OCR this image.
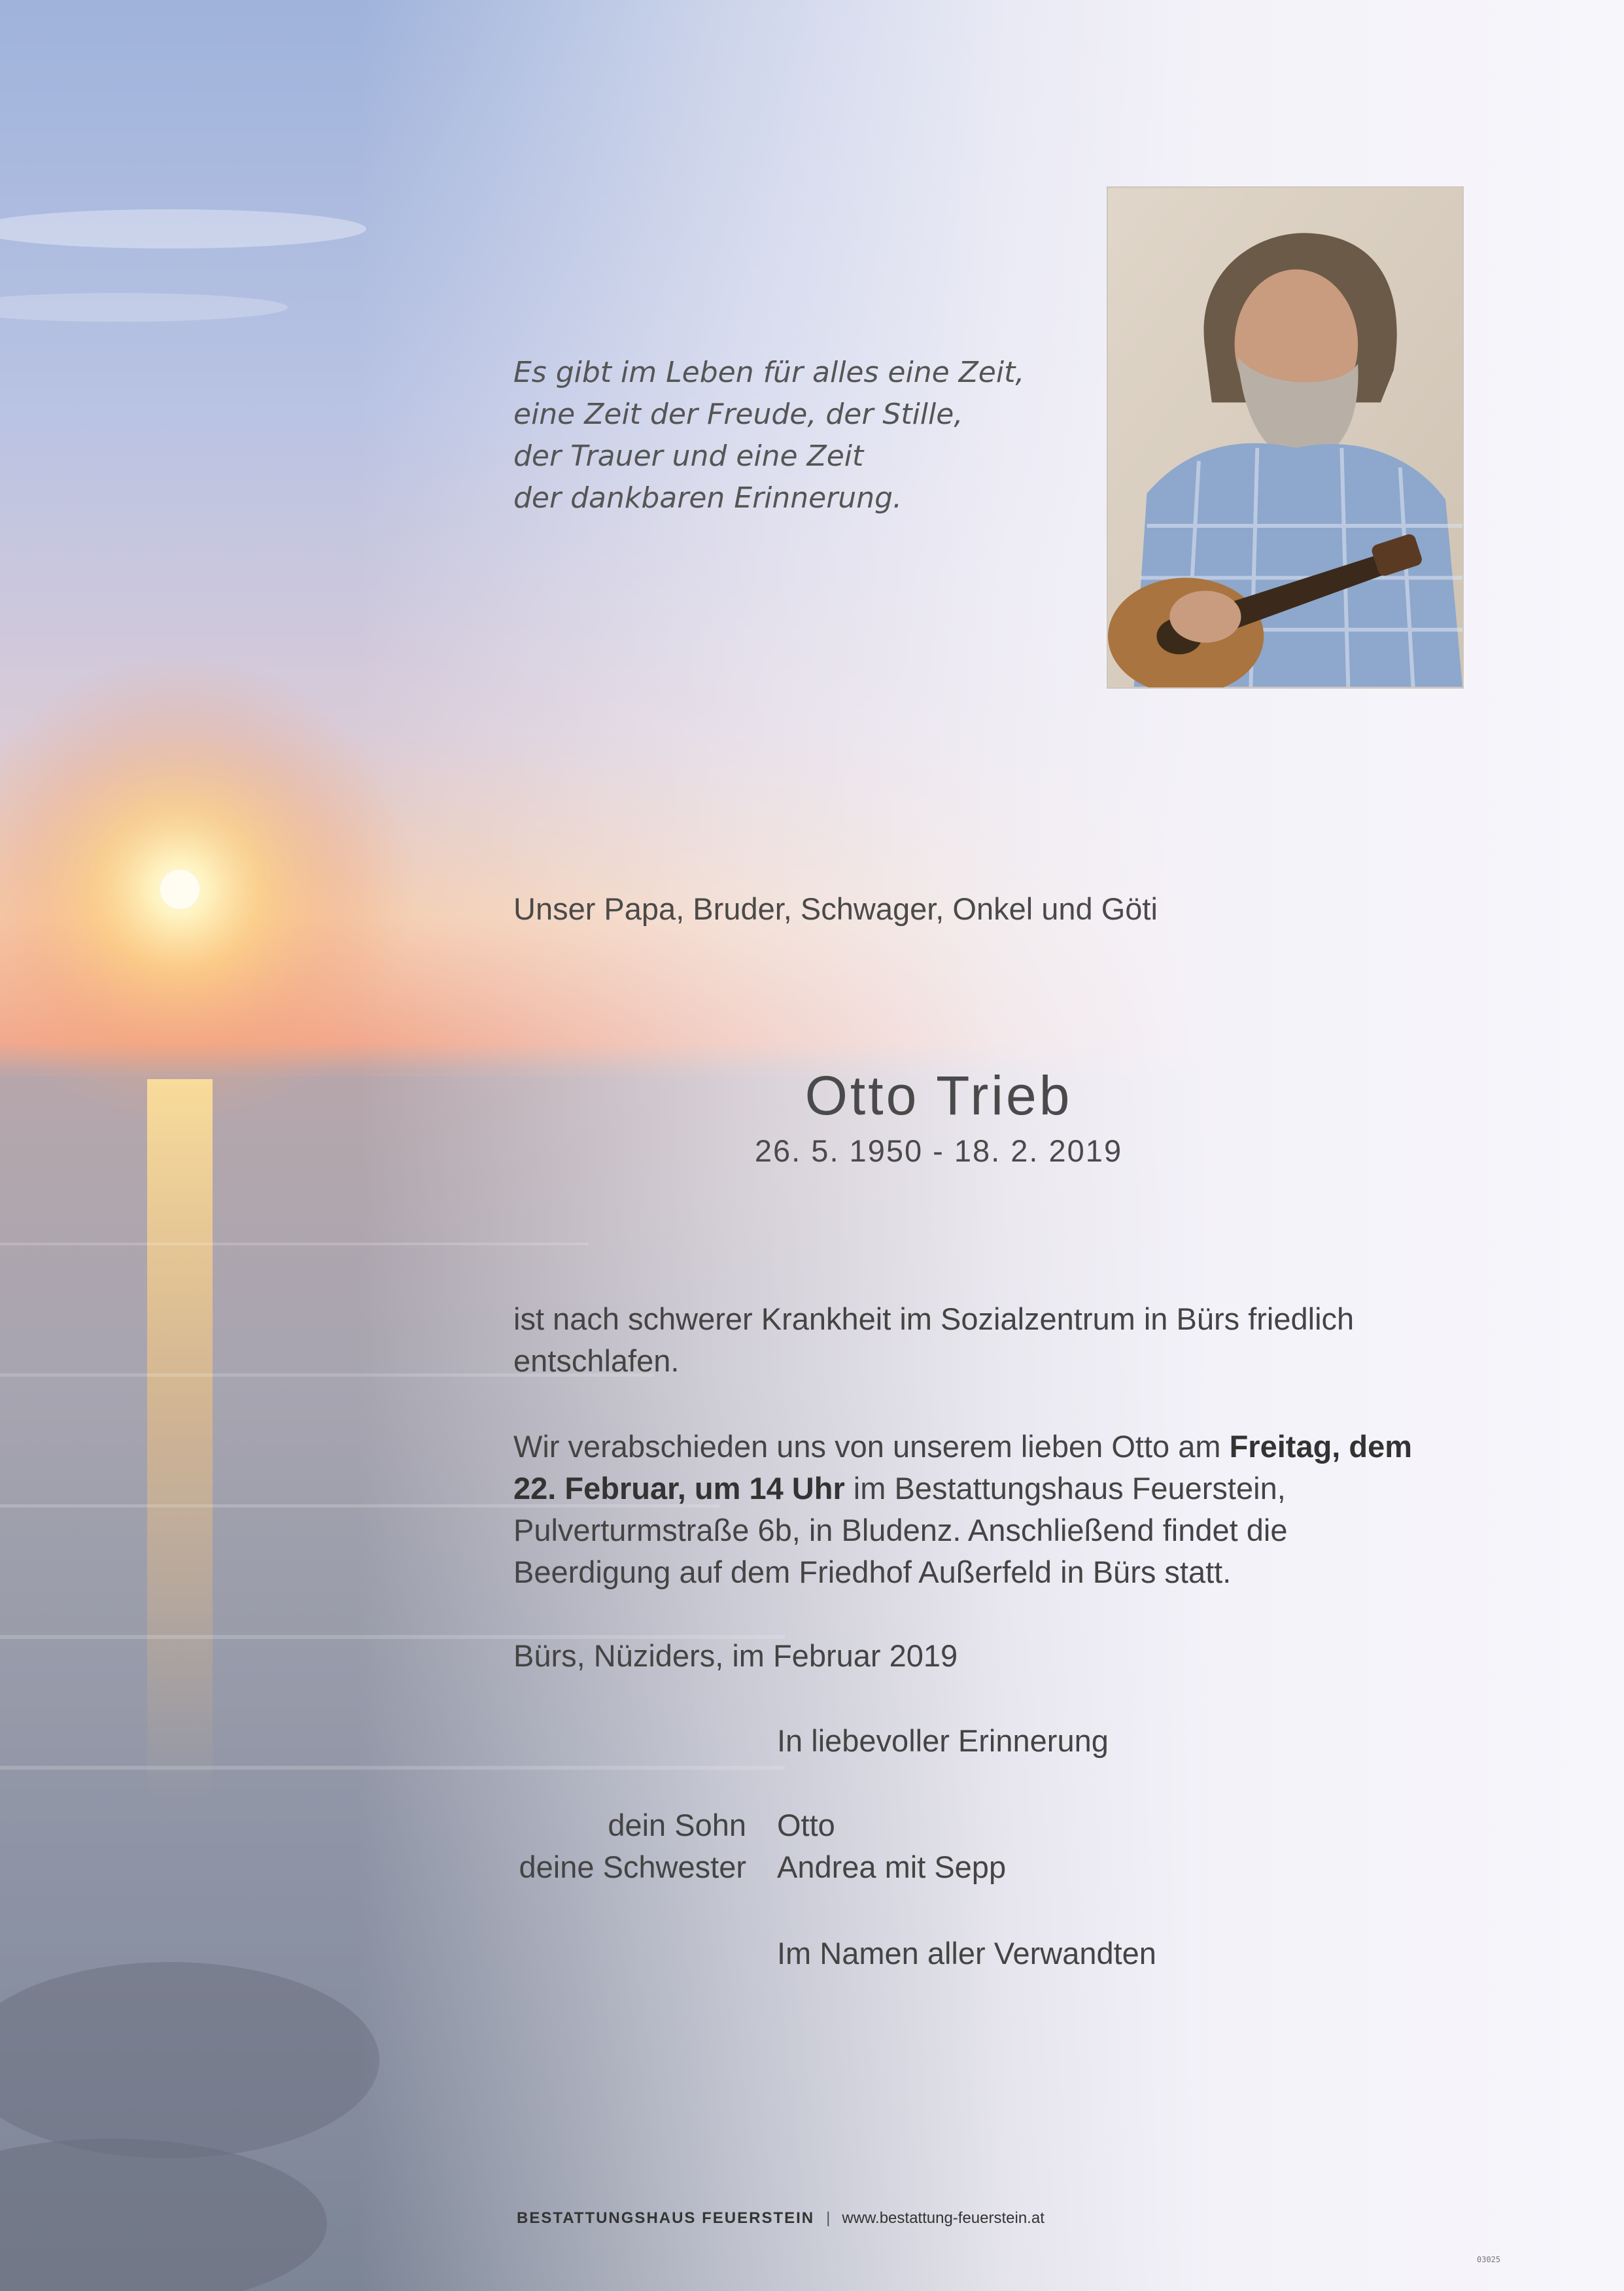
Es gibt im Leben für alles eine Zeit,
eine Zeit der Freude, der Stille,
der Trauer und eine Zeit
der dankbaren Erinnerung.
Unser Papa, Bruder, Schwager, Onkel und Göti
Otto Trieb
26. 5. 1950 - 18. 2. 2019
ist nach schwerer Krankheit im Sozialzentrum in Bürs friedlich entschlafen.
Wir verabschieden uns von unserem lieben Otto am Freitag, dem 22. Februar, um 14 Uhr im Bestattungshaus Feuerstein, Pulverturmstraße 6b, in Bludenz. Anschließend findet die Beerdigung auf dem Friedhof Außerfeld in Bürs statt.
Bürs, Nüziders, im Februar 2019
In liebevoller Erinnerung
dein Sohn Otto
deine Schwester Andrea mit Sepp
Im Namen aller Verwandten
BESTATTUNGSHAUS FEUERSTEIN | www.bestattung-feuerstein.at
03025
